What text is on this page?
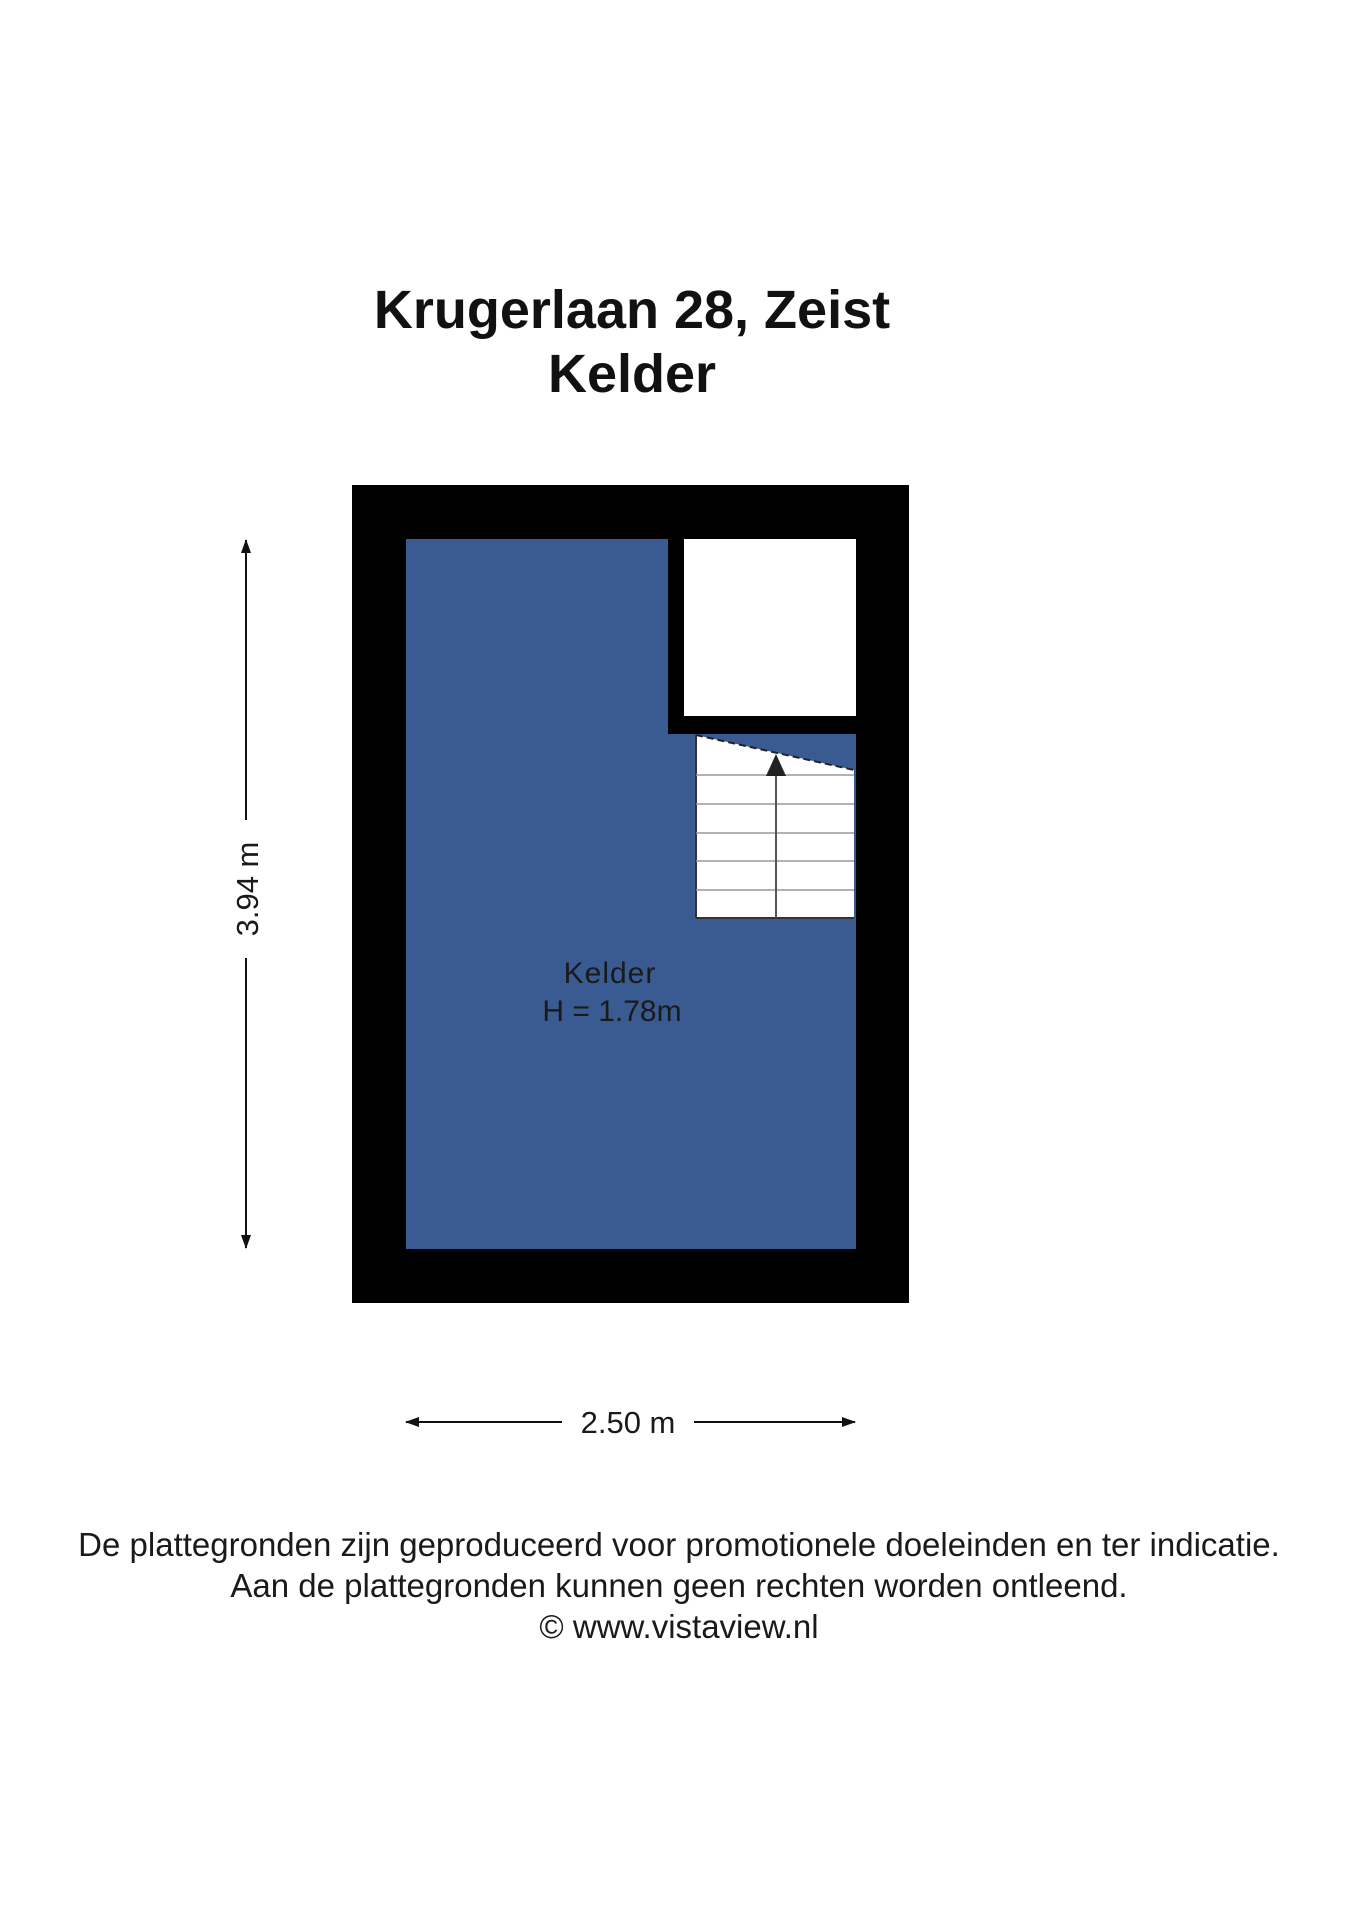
Krugerlaan 28, Zeist
Kelder
Kelder
H = 1.78m
3.94 m
2.50 m
De plattegronden zijn geproduceerd voor promotionele doeleinden en ter indicatie.
Aan de plattegronden kunnen geen rechten worden ontleend.
© www.vistaview.nl
